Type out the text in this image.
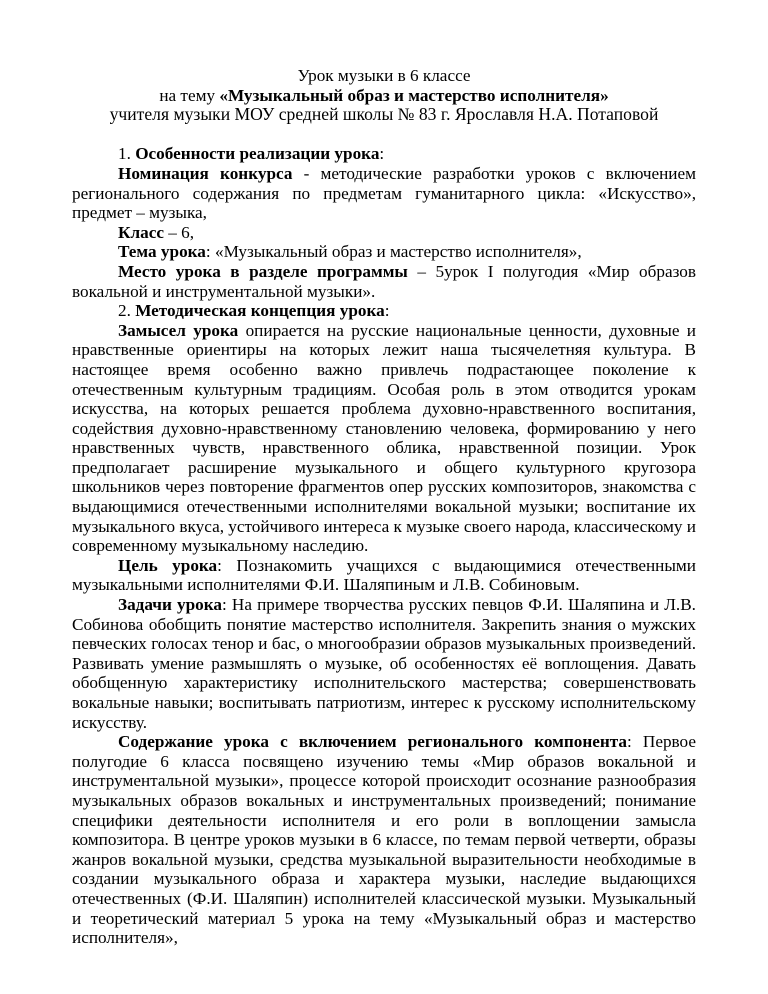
Урок музыки в 6 классе
на тему «Музыкальный образ и мастерство исполнителя»
учителя музыки МОУ средней школы № 83 г. Ярославля Н.А. Потаповой

1. Особенности реализации урока:

Номинация конкурса - методические разработки уроков с включением регионального содержания по предметам гуманитарного цикла: «Искусство», предмет – музыка,

Класс – 6,

Тема урока: «Музыкальный образ и мастерство исполнителя»,

Место урока в разделе программы – 5урок I полугодия «Мир образов вокальной и инструментальной музыки».

2. Методическая концепция урока:

Замысел урока опирается на русские национальные ценности, духовные и нравственные ориентиры на которых лежит наша тысячелетняя культура. В настоящее время особенно важно привлечь подрастающее поколение к отечественным культурным традициям. Особая роль в этом отводится урокам искусства, на которых решается проблема духовно-нравственного воспитания, содействия духовно-нравственному становлению человека, формированию у него нравственных чувств, нравственного облика, нравственной позиции. Урок предполагает расширение музыкального и общего культурного кругозора школьников через повторение фрагментов опер русских композиторов, знакомства с выдающимися отечественными исполнителями вокальной музыки; воспитание их музыкального вкуса, устойчивого интереса к музыке своего народа, классическому и современному музыкальному наследию.

Цель урока: Познакомить учащихся с выдающимися отечественными музыкальными исполнителями Ф.И. Шаляпиным и Л.В. Собиновым.

Задачи урока: На примере творчества русских певцов Ф.И. Шаляпина и Л.В. Собинова обобщить понятие мастерство исполнителя. Закрепить знания о мужских певческих голосах тенор и бас, о многообразии образов музыкальных произведений. Развивать умение размышлять о музыке, об особенностях её воплощения. Давать обобщенную характеристику исполнительского мастерства; совершенствовать вокальные навыки; воспитывать патриотизм, интерес к русскому исполнительскому искусству.

Содержание урока с включением регионального компонента: Первое полугодие 6 класса посвящено изучению темы «Мир образов вокальной и инструментальной музыки», процессе которой происходит осознание разнообразия музыкальных образов вокальных и инструментальных произведений; понимание специфики деятельности исполнителя и его роли в воплощении замысла композитора. В центре уроков музыки в 6 классе, по темам первой четверти, образы жанров вокальной музыки, средства музыкальной выразительности необходимые в создании музыкального образа и характера музыки, наследие выдающихся отечественных (Ф.И. Шаляпин) исполнителей классической музыки. Музыкальный и теоретический материал 5 урока на тему «Музыкальный образ и мастерство исполнителя»,
